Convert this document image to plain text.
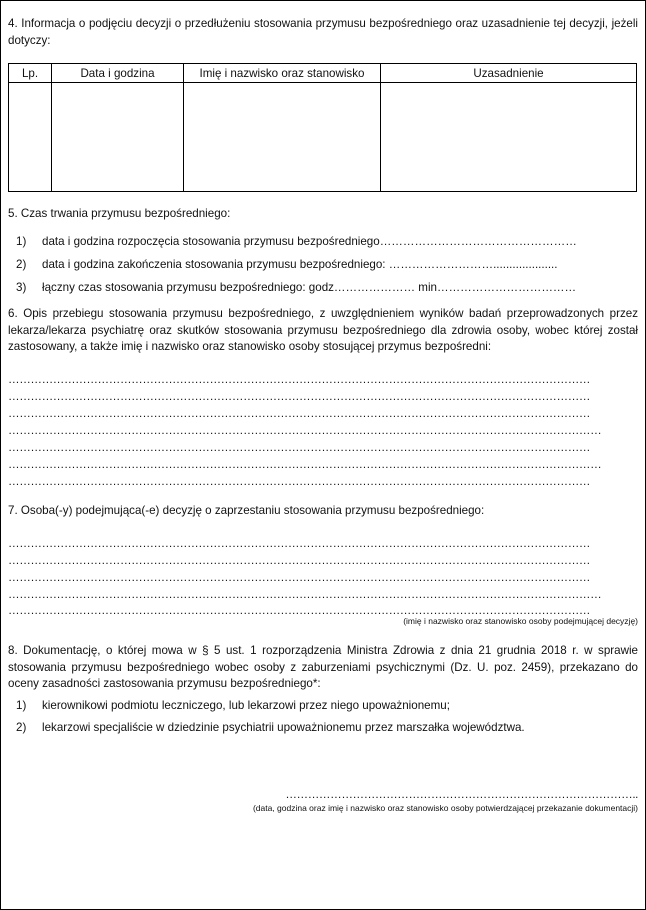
4. Informacja o podjęciu decyzji o przedłużeniu stosowania przymusu bezpośredniego oraz uzasadnienie tej decyzji, jeżeli dotyczy:
Lp.	Data i godzina	Imię i nazwisko oraz stanowisko	Uzasadnienie

5. Czas trwania przymusu bezpośredniego:
1) data i godzina rozpoczęcia stosowania przymusu bezpośredniego……………………………………………
2) data i godzina zakończenia stosowania przymusu bezpośredniego: ………………………....................
3) łączny czas stosowania przymusu bezpośredniego: godz………………… min………………………………
6. Opis przebiegu stosowania przymusu bezpośredniego, z uwzględnieniem wyników badań przeprowadzonych przez lekarza/lekarza psychiatrę oraz skutków stosowania przymusu bezpośredniego dla zdrowia osoby, wobec której został zastosowany, a także imię i nazwisko oraz stanowisko osoby stosującej przymus bezpośredni:
…………………………………………………………………………………………………………………………………………
…………………………………………………………………………………………………………………………………………
…………………………………………………………………………………………………………………………………………
……………………………………………………………………………………………………………………………………………
…………………………………………………………………………………………………………………………………………
……………………………………………………………………………………………………………………………………………
…………………………………………………………………………………………………………………………………………
7. Osoba(-y) podejmująca(-e) decyzję o zaprzestaniu stosowania przymusu bezpośredniego:
…………………………………………………………………………………………………………………………………………
…………………………………………………………………………………………………………………………………………
…………………………………………………………………………………………………………………………………………
……………………………………………………………………………………………………………………………………………
…………………………………………………………………………………………………………………………………………
(imię i nazwisko oraz stanowisko osoby podejmującej decyzję)
8. Dokumentację, o której mowa w § 5 ust. 1 rozporządzenia Ministra Zdrowia z dnia 21 grudnia 2018 r. w sprawie stosowania przymusu bezpośredniego wobec osoby z zaburzeniami psychicznymi (Dz. U. poz. 2459), przekazano do oceny zasadności zastosowania przymusu bezpośredniego*:
1) kierownikowi podmiotu leczniczego, lub lekarzowi przez niego upoważnionemu;
2) lekarzowi specjaliście w dziedzinie psychiatrii upoważnionemu przez marszałka województwa.
…………………………………………………………………………………..
(data, godzina oraz imię i nazwisko oraz stanowisko osoby potwierdzającej przekazanie dokumentacji)
